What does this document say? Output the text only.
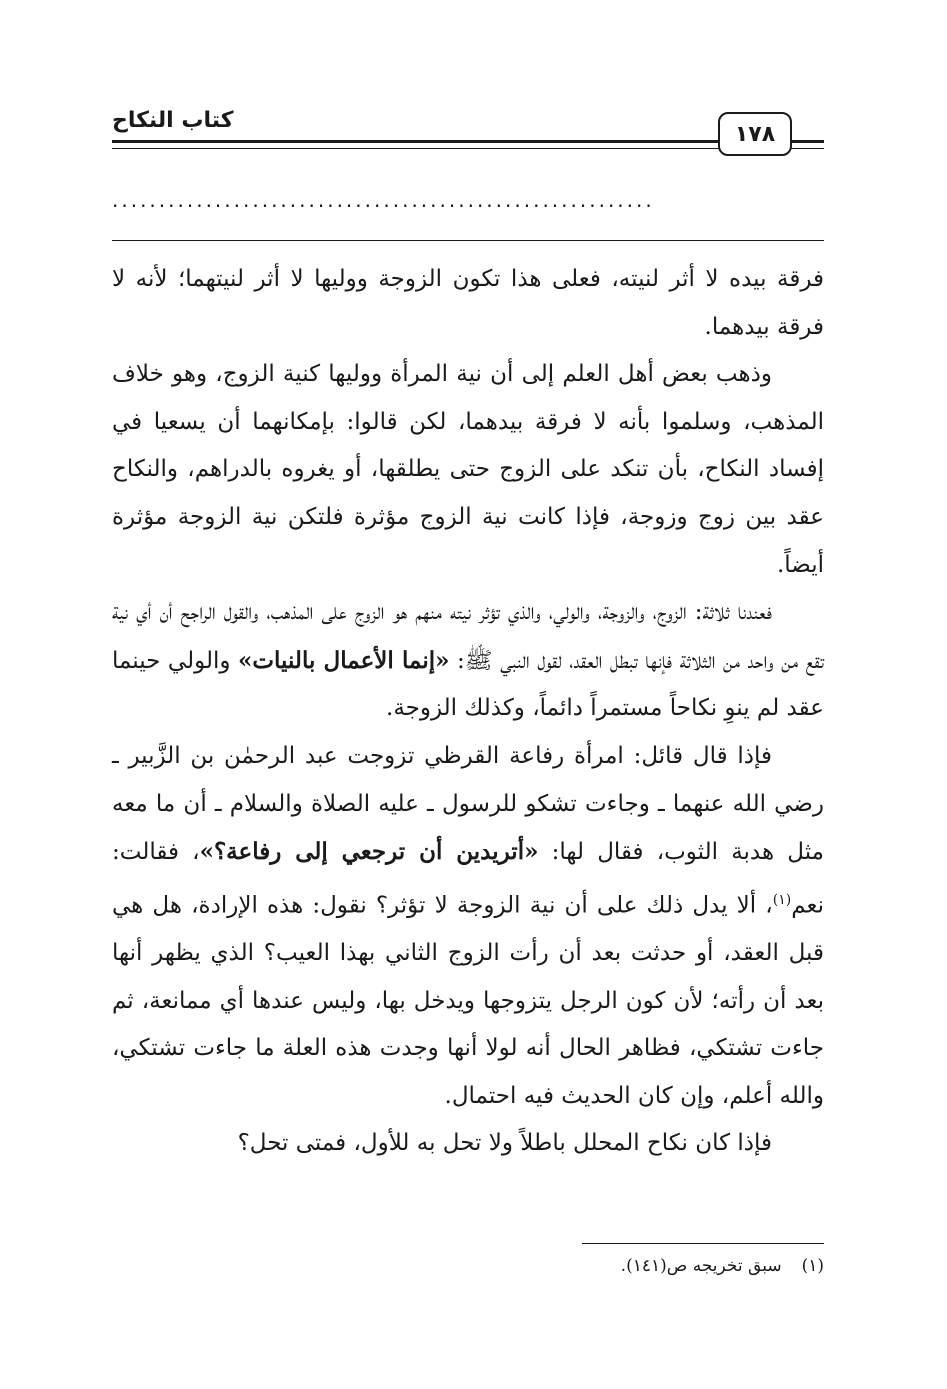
كتاب النكاح
١٧٨
..........................................................

فرقة بيده لا أثر لنيته، فعلى هذا تكون الزوجة ووليها لا أثر لنيتهما؛ لأنه لا فرقة بيدهما.

وذهب بعض أهل العلم إلى أن نية المرأة ووليها كنية الزوج، وهو خلاف المذهب، وسلموا بأنه لا فرقة بيدهما، لكن قالوا: بإمكانهما أن يسعيا في إفساد النكاح، بأن تنكد على الزوج حتى يطلقها، أو يغروه بالدراهم، والنكاح عقد بين زوج وزوجة، فإذا كانت نية الزوج مؤثرة فلتكن نية الزوجة مؤثرة أيضاً.

فعندنا ثلاثة: الزوج، والزوجة، والولي، والذي تؤثر نيته منهم هو الزوج على المذهب، والقول الراجح أن أي نية تقع من واحد من الثلاثة فإنها تبطل العقد، لقول النبي ﷺ: «إنما الأعمال بالنيات» والولي حينما عقد لم ينوِ نكاحاً مستمراً دائماً، وكذلك الزوجة.

فإذا قال قائل: امرأة رفاعة القرظي تزوجت عبد الرحمٰن بن الزَّبير ـ رضي الله عنهما ـ وجاءت تشكو للرسول ـ عليه الصلاة والسلام ـ أن ما معه مثل هدبة الثوب، فقال لها: «أتريدين أن ترجعي إلى رفاعة؟»، فقالت: نعم$^{(١)}$، ألا يدل ذلك على أن نية الزوجة لا تؤثر؟ نقول: هذه الإرادة، هل هي قبل العقد، أو حدثت بعد أن رأت الزوج الثاني بهذا العيب؟ الذي يظهر أنها بعد أن رأته؛ لأن كون الرجل يتزوجها ويدخل بها، وليس عندها أي ممانعة، ثم جاءت تشتكي، فظاهر الحال أنه لولا أنها وجدت هذه العلة ما جاءت تشتكي، والله أعلم، وإن كان الحديث فيه احتمال.

فإذا كان نكاح المحلل باطلاً ولا تحل به للأول، فمتى تحل؟

(١)سبق تخريجه ص(١٤١).
